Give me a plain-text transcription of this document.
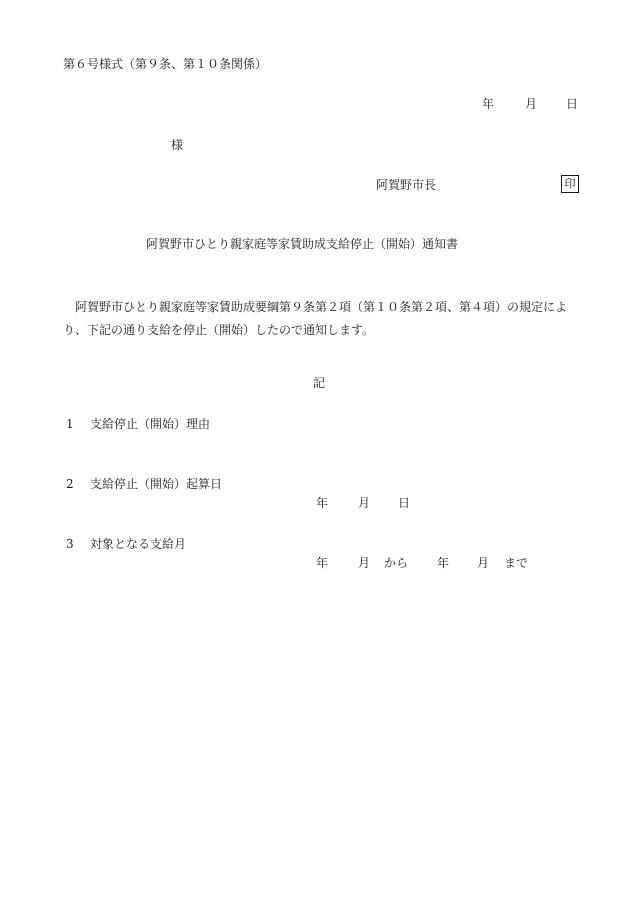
第６号様式（第９条、第１０条関係）
年	月 日
様
阿賀野市長	印
阿賀野市ひとり親家庭等家賃助成支給停止（開始）通知書

阿賀野市ひとり親家庭等家賃助成要綱第９条第２項（第１０条第２項、第４項）の規定により、下記の通り支給を停止（開始）したので通知します。

記
1 支給停止（開始）理由
2 支給停止（開始）起算日
年 月 日
3 対象となる支給月
年 月 から 年 月 まで
